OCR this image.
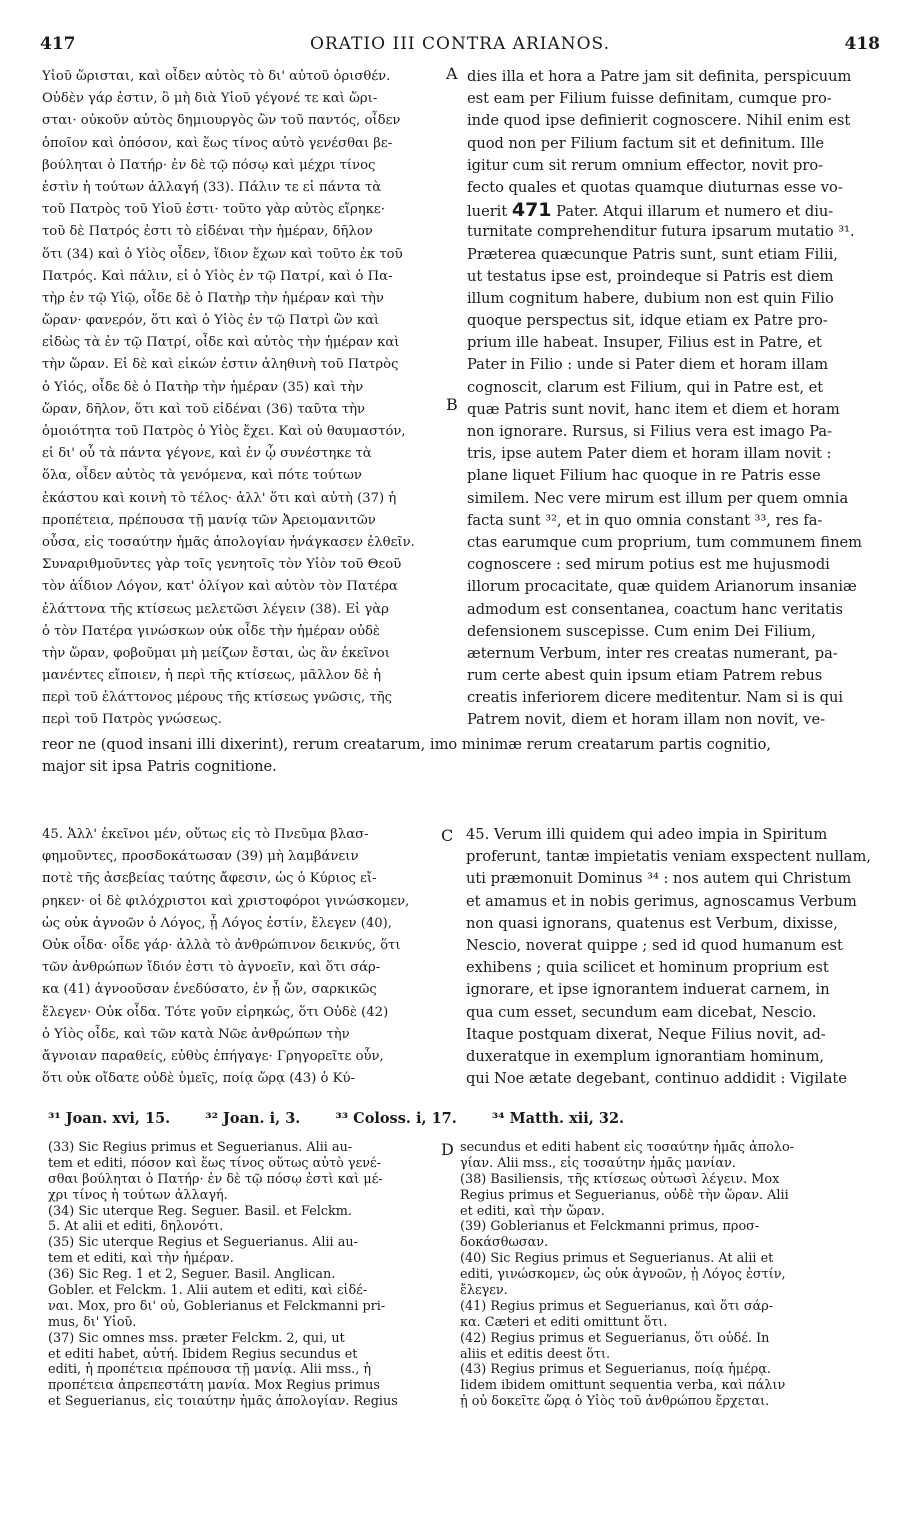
417	ORATIO III CONTRA ARIANOS.	418
A
B
C
D
Υἱοῦ ὥρισται, καὶ οἶδεν αὐτὸς τὸ δι' αὐτοῦ ὁρισθέν.
Οὐδὲν γάρ ἐστιν, ὃ μὴ διὰ Υἱοῦ γέγονέ τε καὶ ὥρι-
σται· οὐκοῦν αὐτὸς δημιουργὸς ὢν τοῦ παντός, οἶδεν
ὁποῖον καὶ ὁπόσον, καὶ ἕως τίνος αὐτὸ γενέσθαι βε-
βούληται ὁ Πατήρ· ἐν δὲ τῷ πόσῳ καὶ μέχρι τίνος
ἐστὶν ἡ τούτων ἀλλαγή (33). Πάλιν τε εἰ πάντα τὰ
τοῦ Πατρὸς τοῦ Υἱοῦ ἐστι· τοῦτο γὰρ αὐτὸς εἴρηκε·
τοῦ δὲ Πατρός ἐστι τὸ εἰδέναι τὴν ἡμέραν, δῆλον
ὅτι (34) καὶ ὁ Υἱὸς οἶδεν, ἴδιον ἔχων καὶ τοῦτο ἐκ τοῦ
Πατρός. Καὶ πάλιν, εἰ ὁ Υἱὸς ἐν τῷ Πατρί, καὶ ὁ Πα-
τὴρ ἐν τῷ Υἱῷ, οἶδε δὲ ὁ Πατὴρ τὴν ἡμέραν καὶ τὴν
ὥραν· φανερόν, ὅτι καὶ ὁ Υἱὸς ἐν τῷ Πατρὶ ὢν καὶ
εἰδὼς τὰ ἐν τῷ Πατρί, οἶδε καὶ αὐτὸς τὴν ἡμέραν καὶ
τὴν ὥραν. Εἰ δὲ καὶ εἰκών ἐστιν ἀληθινὴ τοῦ Πατρὸς
ὁ Υἱός, οἶδε δὲ ὁ Πατὴρ τὴν ἡμέραν (35) καὶ τὴν
ὥραν, δῆλον, ὅτι καὶ τοῦ εἰδέναι (36) ταῦτα τὴν
ὁμοιότητα τοῦ Πατρὸς ὁ Υἱὸς ἔχει. Καὶ οὐ θαυμαστόν,
εἰ δι' οὗ τὰ πάντα γέγονε, καὶ ἐν ᾧ συνέστηκε τὰ
ὅλα, οἶδεν αὐτὸς τὰ γενόμενα, καὶ πότε τούτων
ἑκάστου καὶ κοινὴ τὸ τέλος· ἀλλ' ὅτι καὶ αὐτὴ (37) ἡ
προπέτεια, πρέπουσα τῇ μανίᾳ τῶν Ἀρειομανιτῶν
οὖσα, εἰς τοσαύτην ἡμᾶς ἀπολογίαν ἠνάγκασεν ἐλθεῖν.
Συναριθμοῦντες γὰρ τοῖς γενητοῖς τὸν Υἱὸν τοῦ Θεοῦ
τὸν ἀΐδιον Λόγον, κατ' ὀλίγον καὶ αὐτὸν τὸν Πατέρα
ἐλάττονα τῆς κτίσεως μελετῶσι λέγειν (38). Εἰ γὰρ
ὁ τὸν Πατέρα γινώσκων οὐκ οἶδε τὴν ἡμέραν οὐδὲ
τὴν ὥραν, φοβοῦμαι μὴ μείζων ἔσται, ὡς ἂν ἐκεῖνοι
μανέντες εἴποιεν, ἡ περὶ τῆς κτίσεως, μᾶλλον δὲ ἡ
περὶ τοῦ ἐλάττονος μέρους τῆς κτίσεως γνῶσις, τῆς
περὶ τοῦ Πατρὸς γνώσεως.
dies illa et hora a Patre jam sit definita, perspicuum
est eam per Filium fuisse definitam, cumque pro-
inde quod ipse definierit cognoscere. Nihil enim est
quod non per Filium factum sit et definitum. Ille
igitur cum sit rerum omnium effector, novit pro-
fecto quales et quotas quamque diuturnas esse vo-
luerit 471 Pater. Atqui illarum et numero et diu-
turnitate comprehenditur futura ipsarum mutatio ³¹.
Præterea quæcunque Patris sunt, sunt etiam Filii,
ut testatus ipse est, proindeque si Patris est diem
illum cognitum habere, dubium non est quin Filio
quoque perspectus sit, idque etiam ex Patre pro-
prium ille habeat. Insuper, Filius est in Patre, et
Pater in Filio : unde si Pater diem et horam illam
cognoscit, clarum est Filium, qui in Patre est, et
quæ Patris sunt novit, hanc item et diem et horam
non ignorare. Rursus, si Filius vera est imago Pa-
tris, ipse autem Pater diem et horam illam novit :
plane liquet Filium hac quoque in re Patris esse
similem. Nec vere mirum est illum per quem omnia
facta sunt ³², et in quo omnia constant ³³, res fa-
ctas earumque cum proprium, tum communem finem
cognoscere : sed mirum potius est me hujusmodi
illorum procacitate, quæ quidem Arianorum insaniæ
admodum est consentanea, coactum hanc veritatis
defensionem suscepisse. Cum enim Dei Filium,
æternum Verbum, inter res creatas numerant, pa-
rum certe abest quin ipsum etiam Patrem rebus
creatis inferiorem dicere meditentur. Nam si is qui
Patrem novit, diem et horam illam non novit, ve-
reor ne (quod insani illi dixerint), rerum creatarum, imo minimæ rerum creatarum partis cognitio,
major sit ipsa Patris cognitione.
45. Ἀλλ' ἐκεῖνοι μέν, οὕτως εἰς τὸ Πνεῦμα βλασ-
φημοῦντες, προσδοκάτωσαν (39) μὴ λαμβάνειν
ποτὲ τῆς ἀσεβείας ταύτης ἄφεσιν, ὡς ὁ Κύριος εἴ-
ρηκεν· οἱ δὲ φιλόχριστοι καὶ χριστοφόροι γινώσκομεν,
ὡς οὐκ ἀγνοῶν ὁ Λόγος, ᾗ Λόγος ἐστίν, ἔλεγεν (40),
Οὐκ οἶδα· οἶδε γάρ· ἀλλὰ τὸ ἀνθρώπινον δεικνύς, ὅτι
τῶν ἀνθρώπων ἴδιόν ἐστι τὸ ἀγνοεῖν, καὶ ὅτι σάρ-
κα (41) ἀγνοοῦσαν ἐνεδύσατο, ἐν ᾗ ὤν, σαρκικῶς
ἔλεγεν· Οὐκ οἶδα. Τότε γοῦν εἰρηκώς, ὅτι Οὐδὲ (42)
ὁ Υἱὸς οἶδε, καὶ τῶν κατὰ Νῶε ἀνθρώπων τὴν
ἄγνοιαν παραθείς, εὐθὺς ἐπήγαγε· Γρηγορεῖτε οὖν,
ὅτι οὐκ οἴδατε οὐδὲ ὑμεῖς, ποίᾳ ὥρᾳ (43) ὁ Κύ-
45. Verum illi quidem qui adeo impia in Spiritum
proferunt, tantæ impietatis veniam exspectent nullam,
uti præmonuit Dominus ³⁴ : nos autem qui Christum
et amamus et in nobis gerimus, agnoscamus Verbum
non quasi ignorans, quatenus est Verbum, dixisse,
Nescio, noverat quippe ; sed id quod humanum est
exhibens ; quia scilicet et hominum proprium est
ignorare, et ipse ignorantem induerat carnem, in
qua cum esset, secundum eam dicebat, Nescio.
Itaque postquam dixerat, Neque Filius novit, ad-
duxeratque in exemplum ignorantiam hominum,
qui Noe ætate degebant, continuo addidit : Vigilate
³¹ Joan. xvi, 15. ³² Joan. i, 3. ³³ Coloss. i, 17. ³⁴ Matth. xii, 32.
(33) Sic Regius primus et Seguerianus. Alii au-
tem et editi, πόσον καὶ ἕως τίνος οὕτως αὐτὸ γενέ-
σθαι βούληται ὁ Πατήρ· ἐν δὲ τῷ πόσῳ ἐστὶ καὶ μέ-
χρι τίνος ἡ τούτων ἀλλαγή.
(34) Sic uterque Reg. Seguer. Basil. et Felckm.
5. At alii et editi, δηλονότι.
(35) Sic uterque Regius et Seguerianus. Alii au-
tem et editi, καὶ τὴν ἡμέραν.
(36) Sic Reg. 1 et 2, Seguer. Basil. Anglican.
Gobler. et Felckm. 1. Alii autem et editi, καὶ εἰδέ-
ναι. Mox, pro δι' οὗ, Goblerianus et Felckmanni pri-
mus, δι' Υἱοῦ.
(37) Sic omnes mss. præter Felckm. 2, qui, ut
et editi habet, αὐτή. Ibidem Regius secundus et
editi, ἡ προπέτεια πρέπουσα τῇ μανίᾳ. Alii mss., ἡ
προπέτεια ἀπρεπεστάτη μανία. Mox Regius primus
et Seguerianus, εἰς τοιαύτην ἡμᾶς ἀπολογίαν. Regius
secundus et editi habent εἰς τοσαύτην ἡμᾶς ἀπολο-
γίαν. Alii mss., εἰς τοσαύτην ἡμᾶς μανίαν.
(38) Basiliensis, τῆς κτίσεως οὑτωσὶ λέγειν. Mox
Regius primus et Seguerianus, οὐδὲ τὴν ὥραν. Alii
et editi, καὶ τὴν ὥραν.
(39) Goblerianus et Felckmanni primus, προσ-
δοκάσθωσαν.
(40) Sic Regius primus et Seguerianus. At alii et
editi, γινώσκομεν, ὡς οὐκ ἀγνοῶν, ᾗ Λόγος ἐστίν,
ἔλεγεν.
(41) Regius primus et Seguerianus, καὶ ὅτι σάρ-
κα. Cæteri et editi omittunt ὅτι.
(42) Regius primus et Seguerianus, ὅτι οὐδέ. In
aliis et editis deest ὅτι.
(43) Regius primus et Seguerianus, ποίᾳ ἡμέρᾳ.
Iidem ibidem omittunt sequentia verba, καὶ πάλιν
ᾗ οὐ δοκεῖτε ὥρᾳ ὁ Υἱὸς τοῦ ἀνθρώπου ἔρχεται.
